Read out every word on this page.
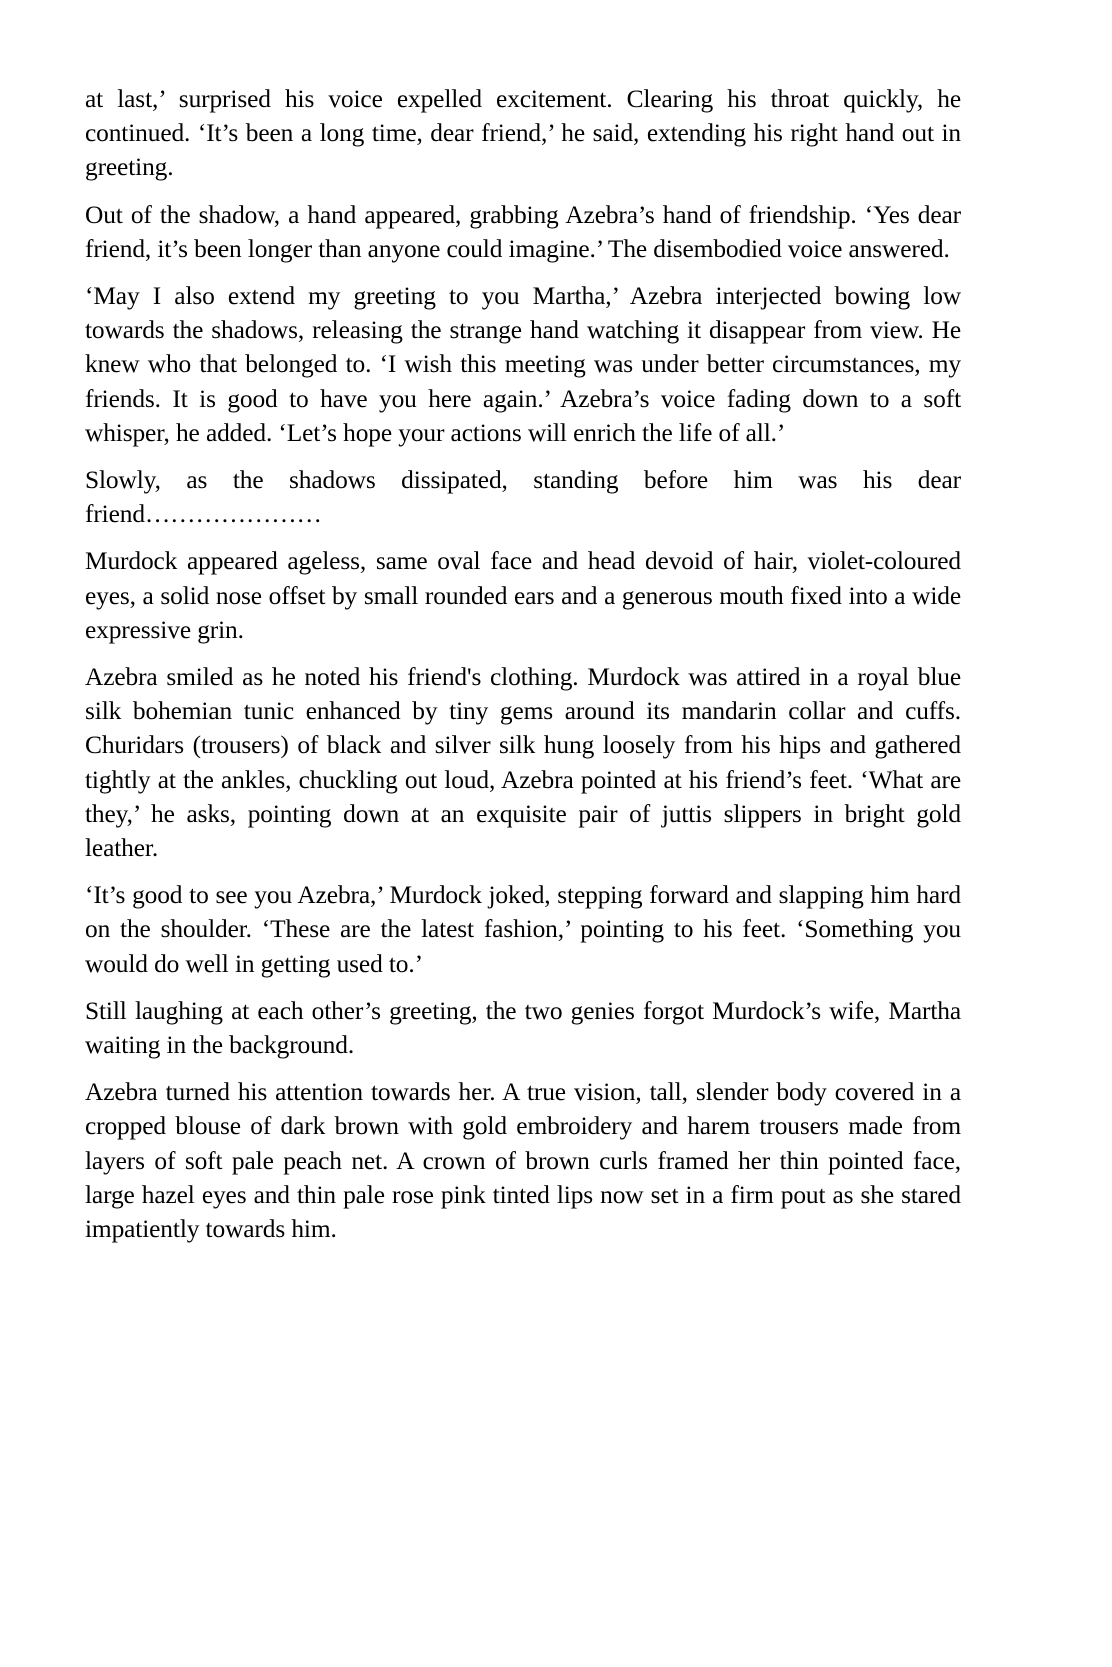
at last,’ surprised his voice expelled excitement. Clearing his throat quickly, he continued. ‘It’s been a long time, dear friend,’ he said, extending his right hand out in greeting.

Out of the shadow, a hand appeared, grabbing Azebra’s hand of friendship. ‘Yes dear friend, it’s been longer than anyone could imagine.’ The disembodied voice answered.

‘May I also extend my greeting to you Martha,’ Azebra interjected bowing low towards the shadows, releasing the strange hand watching it disappear from view. He knew who that belonged to. ‘I wish this meeting was under better circumstances, my friends. It is good to have you here again.’ Azebra’s voice fading down to a soft whisper, he added. ‘Let’s hope your actions will enrich the life of all.’

Slowly, as the shadows dissipated, standing before him was his dear friend…………………

Murdock appeared ageless, same oval face and head devoid of hair, violet-coloured eyes, a solid nose offset by small rounded ears and a generous mouth fixed into a wide expressive grin.

Azebra smiled as he noted his friend's clothing. Murdock was attired in a royal blue silk bohemian tunic enhanced by tiny gems around its mandarin collar and cuffs. Churidars (trousers) of black and silver silk hung loosely from his hips and gathered tightly at the ankles, chuckling out loud, Azebra pointed at his friend’s feet. ‘What are they,’ he asks, pointing down at an exquisite pair of juttis slippers in bright gold leather.

‘It’s good to see you Azebra,’ Murdock joked, stepping forward and slapping him hard on the shoulder. ‘These are the latest fashion,’ pointing to his feet. ‘Something you would do well in getting used to.’

Still laughing at each other’s greeting, the two genies forgot Murdock’s wife, Martha waiting in the background.

Azebra turned his attention towards her. A true vision, tall, slender body covered in a cropped blouse of dark brown with gold embroidery and harem trousers made from layers of soft pale peach net. A crown of brown curls framed her thin pointed face, large hazel eyes and thin pale rose pink tinted lips now set in a firm pout as she stared impatiently towards him.
